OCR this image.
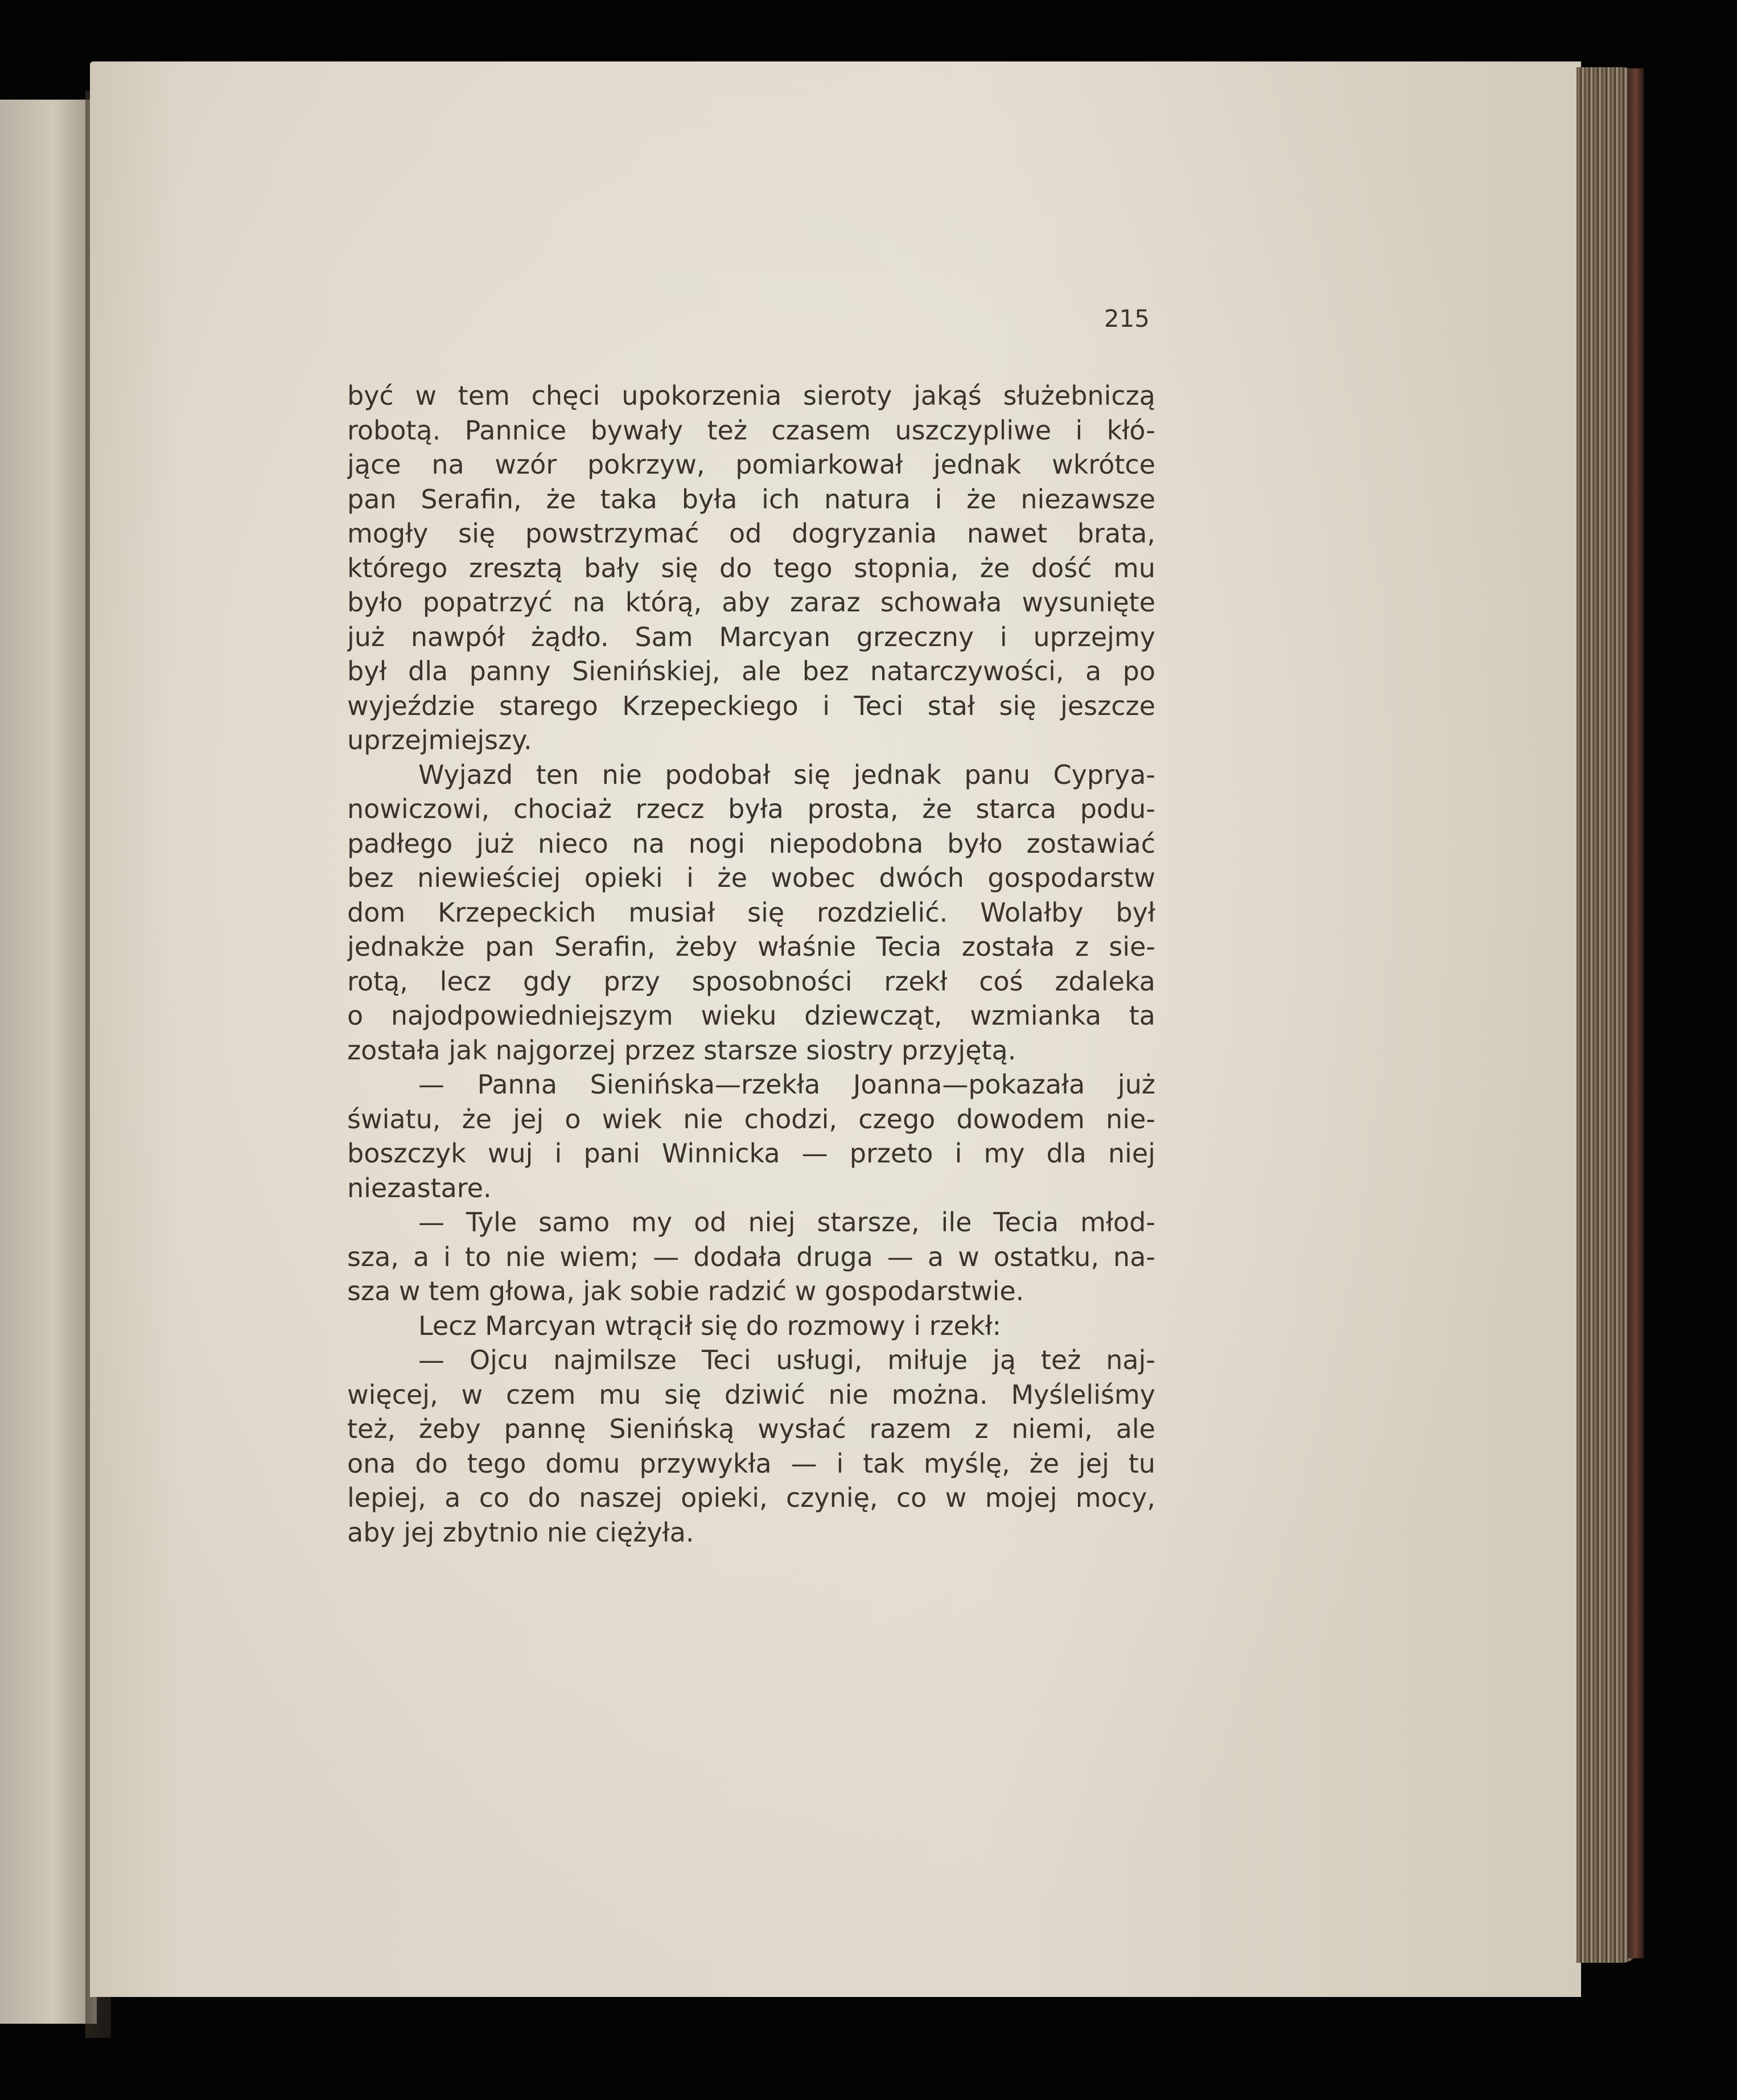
215
być w tem chęci upokorzenia sieroty jakąś służebniczą
robotą. Pannice bywały też czasem uszczypliwe i kłó-
jące na wzór pokrzyw, pomiarkował jednak wkrótce
pan Serafin, że taka była ich natura i że niezawsze
mogły się powstrzymać od dogryzania nawet brata,
którego zresztą bały się do tego stopnia, że dość mu
było popatrzyć na którą, aby zaraz schowała wysunięte
już nawpół żądło. Sam Marcyan grzeczny i uprzejmy
był dla panny Sienińskiej, ale bez natarczywości, a po
wyjeździe starego Krzepeckiego i Teci stał się jeszcze
uprzejmiejszy.
Wyjazd ten nie podobał się jednak panu Cyprya-
nowiczowi, chociaż rzecz była prosta, że starca podu-
padłego już nieco na nogi niepodobna było zostawiać
bez niewieściej opieki i że wobec dwóch gospodarstw
dom Krzepeckich musiał się rozdzielić. Wolałby był
jednakże pan Serafin, żeby właśnie Tecia została z sie-
rotą, lecz gdy przy sposobności rzekł coś zdaleka
o najodpowiedniejszym wieku dziewcząt, wzmianka ta
została jak najgorzej przez starsze siostry przyjętą.
— Panna Sienińska—rzekła Joanna—pokazała już
światu, że jej o wiek nie chodzi, czego dowodem nie-
boszczyk wuj i pani Winnicka — przeto i my dla niej
niezastare.
— Tyle samo my od niej starsze, ile Tecia młod-
sza, a i to nie wiem; — dodała druga — a w ostatku, na-
sza w tem głowa, jak sobie radzić w gospodarstwie.
Lecz Marcyan wtrącił się do rozmowy i rzekł:
— Ojcu najmilsze Teci usługi, miłuje ją też naj-
więcej, w czem mu się dziwić nie można. Myśleliśmy
też, żeby pannę Sienińską wysłać razem z niemi, ale
ona do tego domu przywykła — i tak myślę, że jej tu
lepiej, a co do naszej opieki, czynię, co w mojej mocy,
aby jej zbytnio nie ciężyła.
